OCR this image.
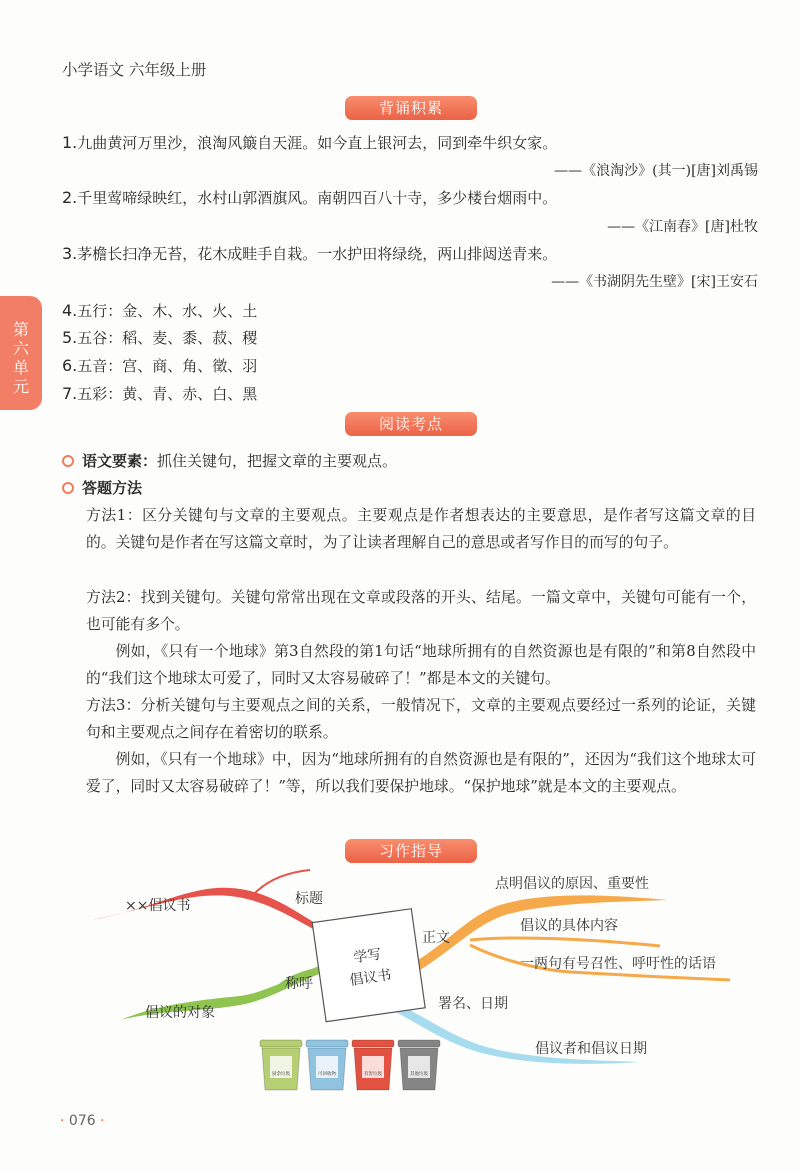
小学语文 六年级上册
背诵积累
1.九曲黄河万里沙，浪淘风簸自天涯。如今直上银河去，同到牵牛织女家。
——《浪淘沙》(其一)[唐]刘禹锡
2.千里莺啼绿映红，水村山郭酒旗风。南朝四百八十寺，多少楼台烟雨中。
——《江南春》[唐]杜牧
3.茅檐长扫净无苔，花木成畦手自栽。一水护田将绿绕，两山排闼送青来。
——《书湖阴先生壁》[宋]王安石
4.五行：金、木、水、火、土
5.五谷：稻、麦、黍、菽、稷
6.五音：宫、商、角、徵、羽
7.五彩：黄、青、赤、白、黑
第六单元
阅读考点
语文要素：抓住关键句，把握文章的主要观点。
答题方法

方法1：区分关键句与文章的主要观点。主要观点是作者想表达的主要意思，是作者写这篇文章的目的。关键句是作者在写这篇文章时，为了让读者理解自己的意思或者写作目的而写的句子。

方法2：找到关键句。关键句常常出现在文章或段落的开头、结尾。一篇文章中，关键句可能有一个，也可能有多个。

例如，《只有一个地球》第3自然段的第1句话“地球所拥有的自然资源也是有限的”和第8自然段中的“我们这个地球太可爱了，同时又太容易破碎了！”都是本文的关键句。

方法3：分析关键句与主要观点之间的关系，一般情况下，文章的主要观点要经过一系列的论证，关键句和主要观点之间存在着密切的联系。

例如，《只有一个地球》中，因为“地球所拥有的自然资源也是有限的”，还因为“我们这个地球太可爱了，同时又太容易破碎了！”等，所以我们要保护地球。“保护地球”就是本文的主要观点。

习作指导
学写
倡议书
标题
××倡议书
称呼
倡议的对象
正文
点明倡议的原因、重要性
倡议的具体内容
一两句有号召性、呼吁性的话语
署名、日期
倡议者和倡议日期
厨余垃圾	可回收物	有害垃圾	其他垃圾
· 076 ·
